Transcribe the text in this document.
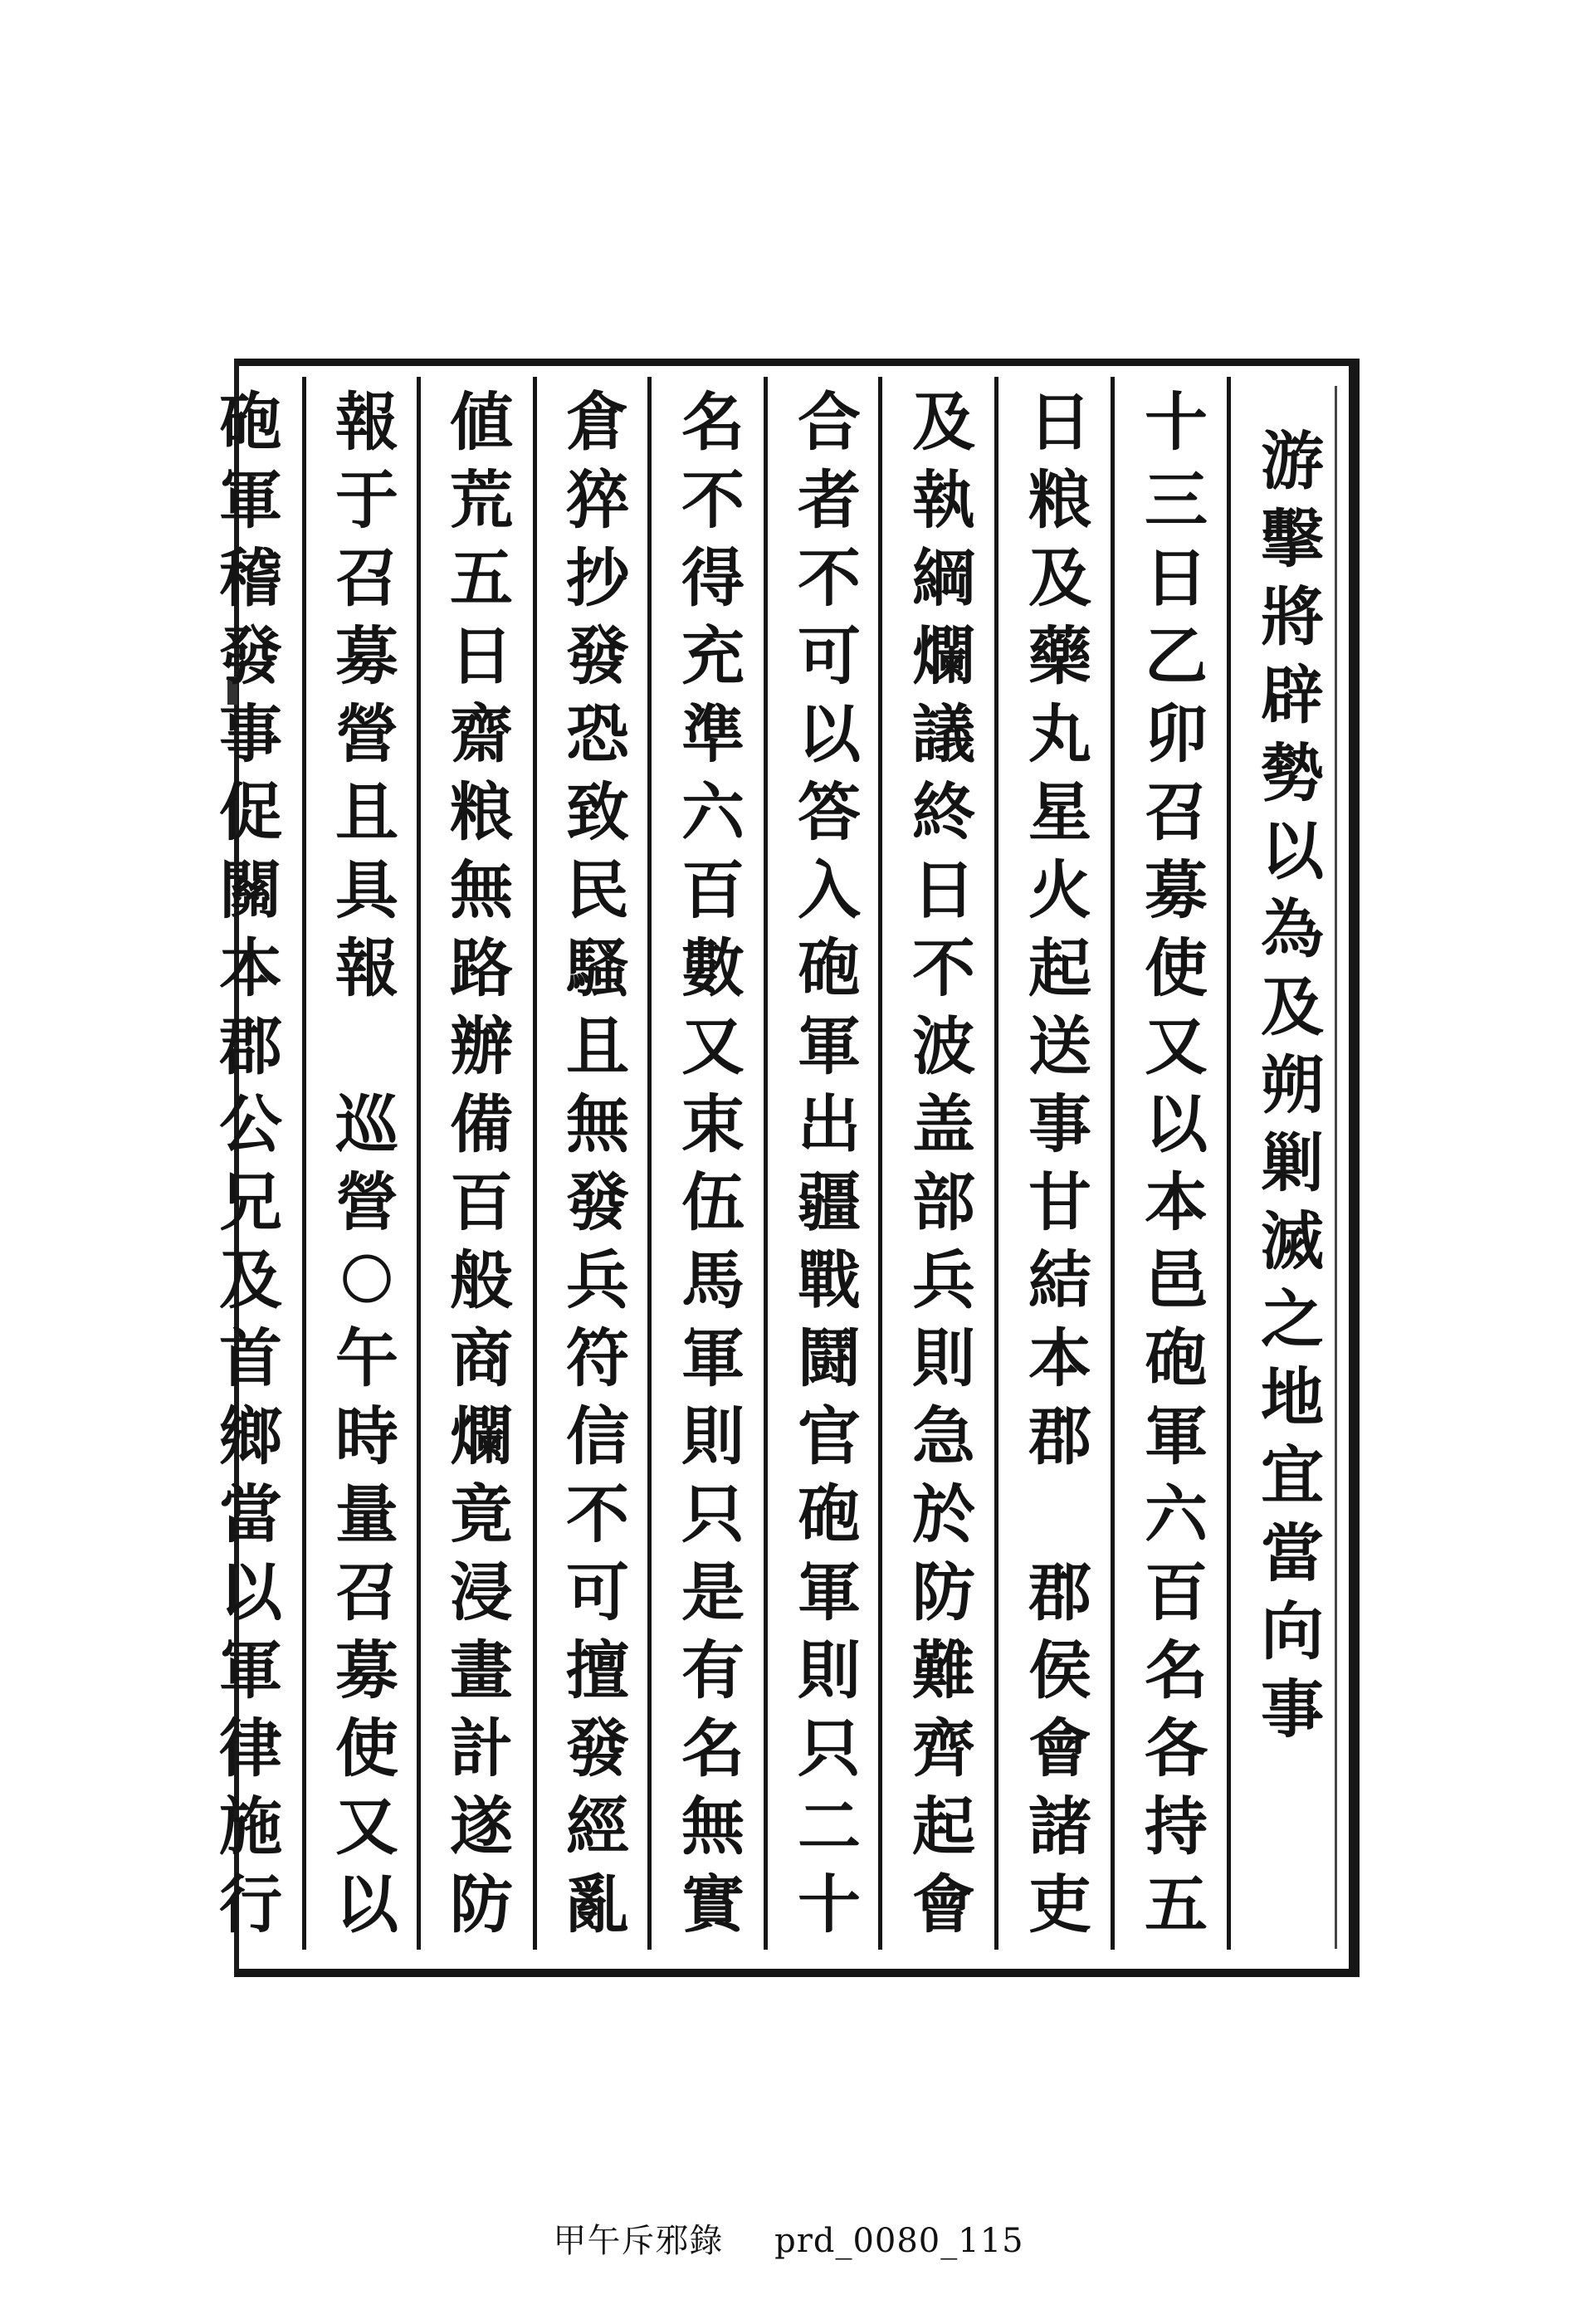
游
擊
將
辟
勢
以
為
及
朔
剿
滅
之
地
宜
當
向
事
十
三
日
乙
卯
召
募
使
又
以
本
邑
砲
軍
六
百
名
各
持
五
日
粮
及
藥
丸
星
火
起
送
事
甘
結
本
郡
郡
侯
會
諸
吏
及
執
綱
爛
議
終
日
不
波
盖
部
兵
則
急
於
防
難
齊
起
會
合
者
不
可
以
答
入
砲
軍
出
疆
戰
鬪
官
砲
軍
則
只
二
十
名
不
得
充
準
六
百
數
又
束
伍
馬
軍
則
只
是
有
名
無
實
倉
猝
抄
發
恐
致
民
騷
且
無
發
兵
符
信
不
可
擅
發
經
亂
値
荒
五
日
齋
粮
無
路
辦
備
百
般
商
爛
竟
浸
畫
計
遂
防
報
于
召
募
營
且
具
報
巡
營
〇
午
時
量
召
募
使
又
以
砲
軍
稽
發
事
促
關
本
郡
公
兄
及
首
鄉
當
以
軍
律
施
行
甲午斥邪錄 prd_0080_115
